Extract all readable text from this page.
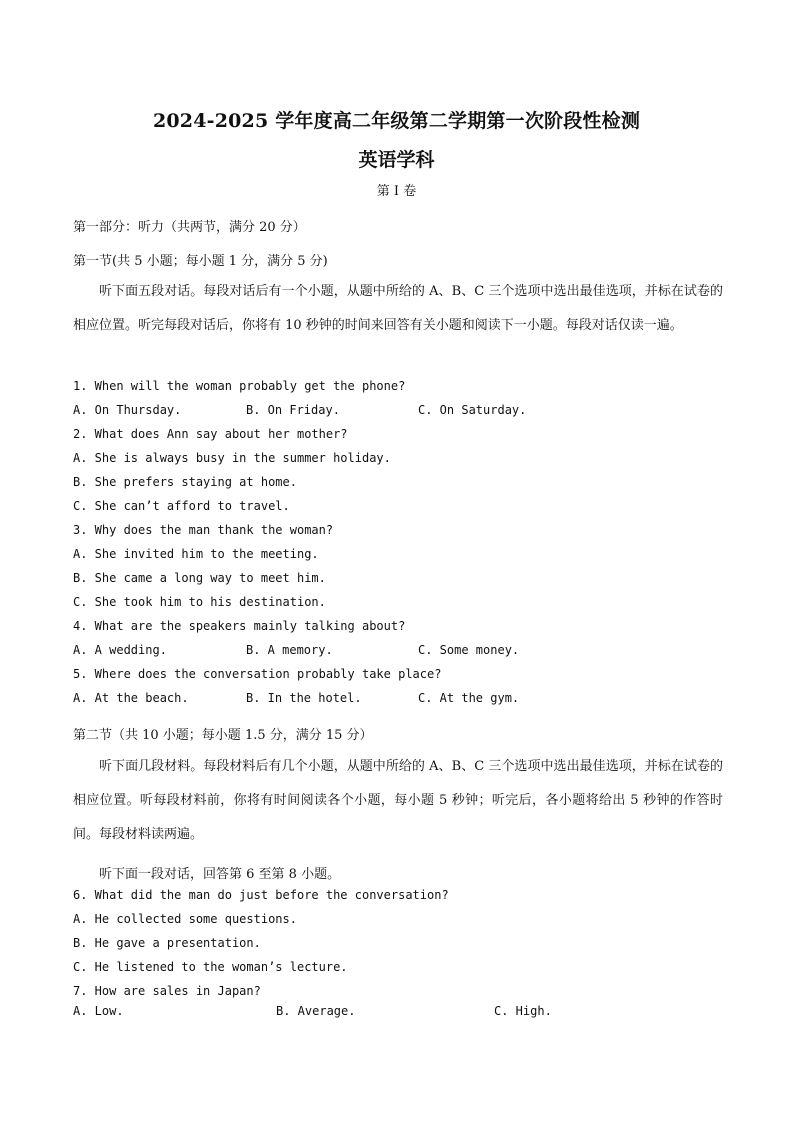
2024-2025 学年度高二年级第二学期第一次阶段性检测
英语学科
第 I 卷
第一部分：听力（共两节，满分 20 分）
第一节(共 5 小题；每小题 1 分，满分 5 分)
听下面五段对话。每段对话后有一个小题，从题中所给的 A、B、C 三个选项中选出最佳选项，并标在试卷的相应位置。听完每段对话后，你将有 10 秒钟的时间来回答有关小题和阅读下一小题。每段对话仅读一遍。
1. When will the woman probably get the phone?
A. On Thursday.	B. On Friday.	C. On Saturday.
2. What does Ann say about her mother?
A. She is always busy in the summer holiday.
B. She prefers staying at home.
C. She can’t afford to travel.
3. Why does the man thank the woman?
A. She invited him to the meeting.
B. She came a long way to meet him.
C. She took him to his destination.
4. What are the speakers mainly talking about?
A. A wedding.	B. A memory.	C. Some money.
5. Where does the conversation probably take place?
A. At the beach.	B. In the hotel.	C. At the gym.
第二节（共 10 小题；每小题 1.5 分，满分 15 分）
听下面几段材料。每段材料后有几个小题，从题中所给的 A、B、C 三个选项中选出最佳选项，并标在试卷的相应位置。听每段材料前，你将有时间阅读各个小题，每小题 5 秒钟；听完后，各小题将给出 5 秒钟的作答时间。每段材料读两遍。
听下面一段对话，回答第 6 至第 8 小题。
6. What did the man do just before the conversation?
A. He collected some questions.
B. He gave a presentation.
C. He listened to the woman’s lecture.
7. How are sales in Japan?
A. Low.	B. Average.	C. High.
